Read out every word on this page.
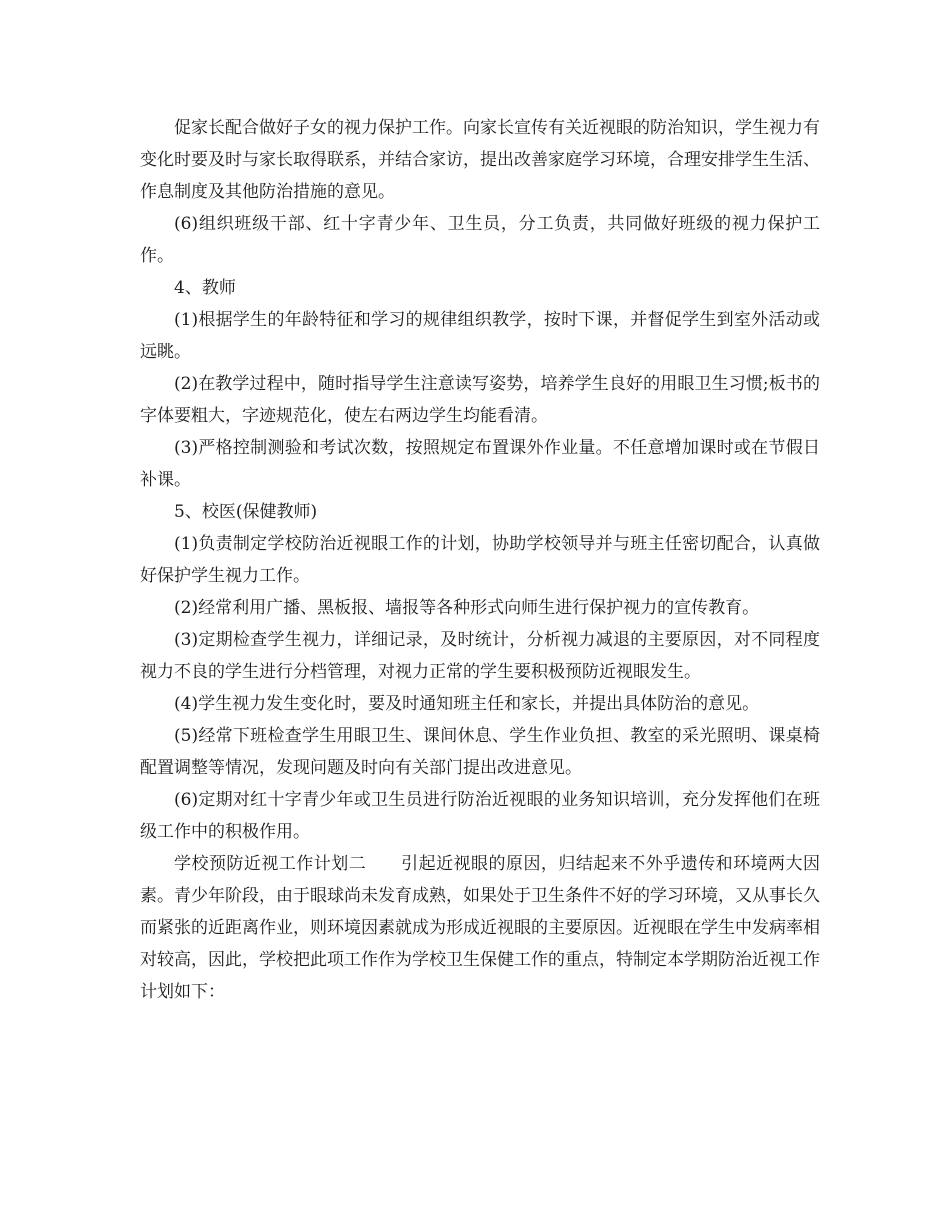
促家长配合做好子女的视力保护工作。向家长宣传有关近视眼的防治知识，学生视力有变化时要及时与家长取得联系，并结合家访，提出改善家庭学习环境，合理安排学生生活、作息制度及其他防治措施的意见。

(6)组织班级干部、红十字青少年、卫生员，分工负责，共同做好班级的视力保护工作。

4、教师

(1)根据学生的年龄特征和学习的规律组织教学，按时下课，并督促学生到室外活动或远眺。

(2)在教学过程中，随时指导学生注意读写姿势，培养学生良好的用眼卫生习惯;板书的字体要粗大，字迹规范化，使左右两边学生均能看清。

(3)严格控制测验和考试次数，按照规定布置课外作业量。不任意增加课时或在节假日补课。

5、校医(保健教师)

(1)负责制定学校防治近视眼工作的计划，协助学校领导并与班主任密切配合，认真做好保护学生视力工作。

(2)经常利用广播、黑板报、墙报等各种形式向师生进行保护视力的宣传教育。

(3)定期检查学生视力，详细记录，及时统计，分析视力减退的主要原因，对不同程度视力不良的学生进行分档管理，对视力正常的学生要积极预防近视眼发生。

(4)学生视力发生变化时，要及时通知班主任和家长，并提出具体防治的意见。

(5)经常下班检查学生用眼卫生、课间休息、学生作业负担、教室的采光照明、课桌椅配置调整等情况，发现问题及时向有关部门提出改进意见。

(6)定期对红十字青少年或卫生员进行防治近视眼的业务知识培训，充分发挥他们在班级工作中的积极作用。

学校预防近视工作计划二　　引起近视眼的原因，归结起来不外乎遗传和环境两大因素。青少年阶段，由于眼球尚未发育成熟，如果处于卫生条件不好的学习环境，又从事长久而紧张的近距离作业，则环境因素就成为形成近视眼的主要原因。近视眼在学生中发病率相对较高，因此，学校把此项工作作为学校卫生保健工作的重点，特制定本学期防治近视工作计划如下：
